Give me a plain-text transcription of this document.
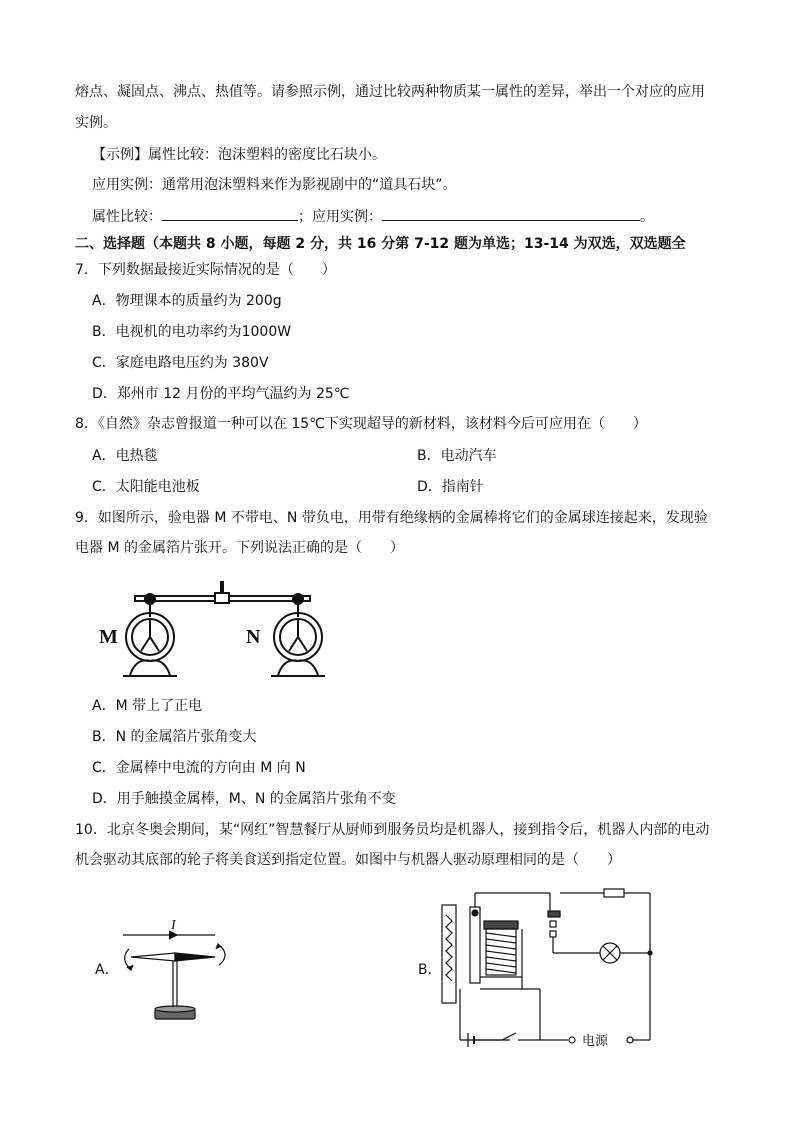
熔点、凝固点、沸点、热值等。请参照示例，通过比较两种物质某一属性的差异，举出一个对应的应用
实例。
【示例】属性比较：泡沫塑料的密度比石块小。
应用实例：通常用泡沫塑料来作为影视剧中的“道具石块”。
属性比较：	；应用实例：	。
二、选择题（本题共 8 小题，每题 2 分，共 16 分第 7-12 题为单选；13-14 为双选，双选题全
7．下列数据最接近实际情况的是（　　）
A．物理课本的质量约为 200g
B．电视机的电功率约为1000W
C．家庭电路电压约为 380V
D．郑州市 12 月份的平均气温约为 25℃
8．《自然》杂志曾报道一种可以在 15℃下实现超导的新材料，该材料今后可应用在（　　）
A．电热毯	B．电动汽车
C．太阳能电池板	D．指南针
9．如图所示，验电器 M 不带电、N 带负电，用带有绝缘柄的金属棒将它们的金属球连接起来，发现验
电器 M 的金属箔片张开。下列说法正确的是（　　）
M	N
A．M 带上了正电
B．N 的金属箔片张角变大
C．金属棒中电流的方向由 M 向 N
D．用手触摸金属棒，M、N 的金属箔片张角不变
10．北京冬奥会期间，某“网红”智慧餐厅从厨师到服务员均是机器人，接到指令后，机器人内部的电动
机会驱动其底部的轮子将美食送到指定位置。如图中与机器人驱动原理相同的是（　　）
A．
I
B．
电源
